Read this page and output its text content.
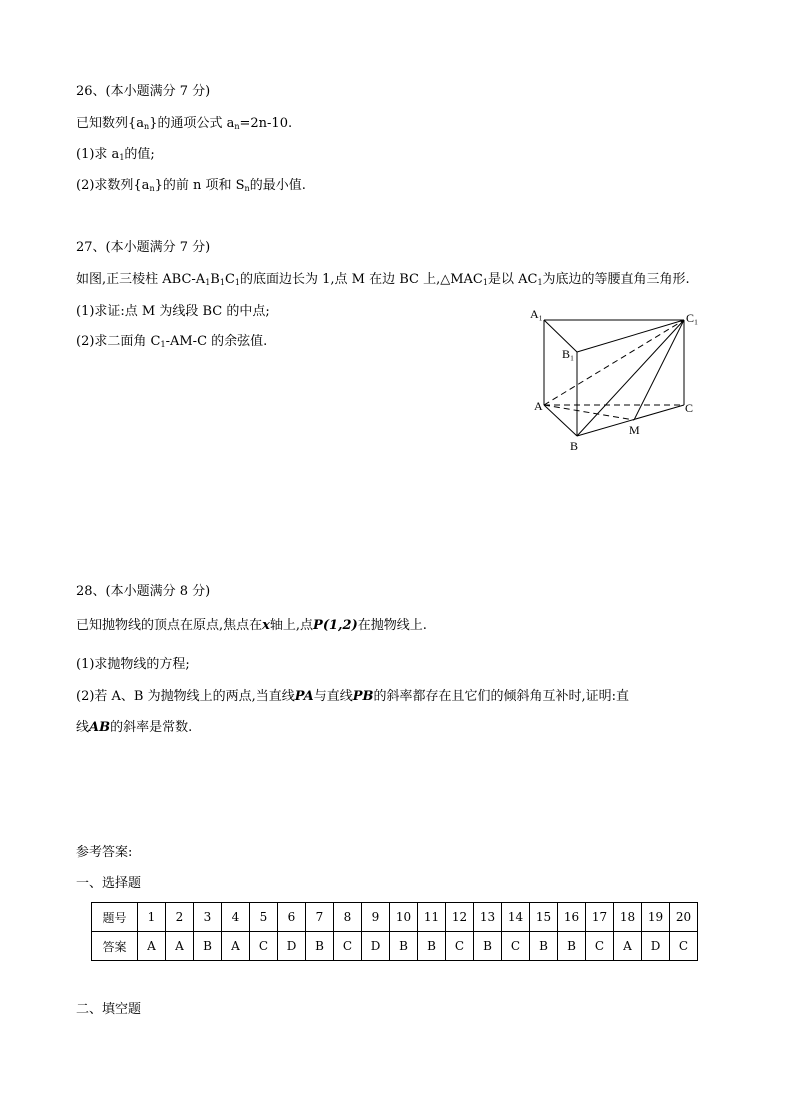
26、(本小题满分 7 分)
已知数列$\{a_n\}$的通项公式 $a_n=2n-10$.
(1)求 $a_1$的值;
(2)求数列$\{a_n\}$的前 n 项和 $S_n$的最小值.
27、(本小题满分 7 分)
如图,正三棱柱 ABC-$A_1B_1C_1$的底面边长为 1,点 M 在边 BC 上$,\triangle MAC_1$是以 $AC_1$为底边的等腰直角三角形.
(1)求证:点 M 为线段 BC 的中点;
(2)求二面角 $C_1-AM-C$ 的余弦值.
A₁	C₁
B₁
A	C
M
B
28、(本小题满分 8 分)
已知抛物线的顶点在原点,焦点在x轴上,点P(1,2)在抛物线上.
(1)求抛物线的方程;
(2)若 A、B 为抛物线上的两点,当直线PA与直线PB的斜率都存在且它们的倾斜角互补时,证明:直
线AB的斜率是常数.
参考答案:
一、选择题
题号	1	2	3	4	5	6	7	8	9	10	11	12	13	14	15	16	17	18	19	20
答案	A	A	B	A	C	D	B	C	D	B	B	C	B	C	B	B	C	A	D	C
二、填空题
